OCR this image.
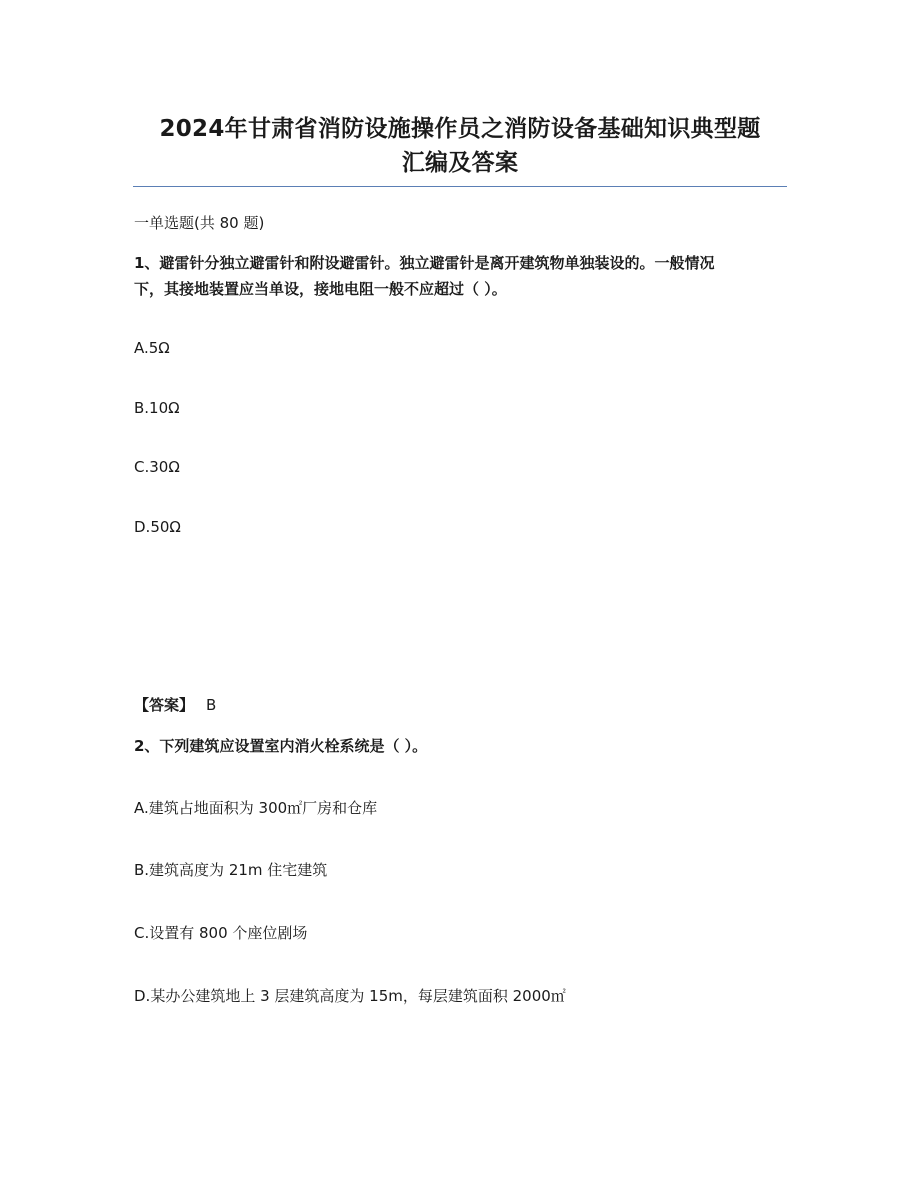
2024年甘肃省消防设施操作员之消防设备基础知识典型题
汇编及答案
一单选题(共 80 题)
1、避雷针分独立避雷针和附设避雷针。独立避雷针是离开建筑物单独装设的。一般情况
下，其接地装置应当单设，接地电阻一般不应超过（ ）。
A.5Ω
B.10Ω
C.30Ω
D.50Ω
【答案】 B
2、下列建筑应设置室内消火栓系统是（ ）。
A.建筑占地面积为 300㎡厂房和仓库
B.建筑高度为 21m 住宅建筑
C.设置有 800 个座位剧场
D.某办公建筑地上 3 层建筑高度为 15m，每层建筑面积 2000㎡
